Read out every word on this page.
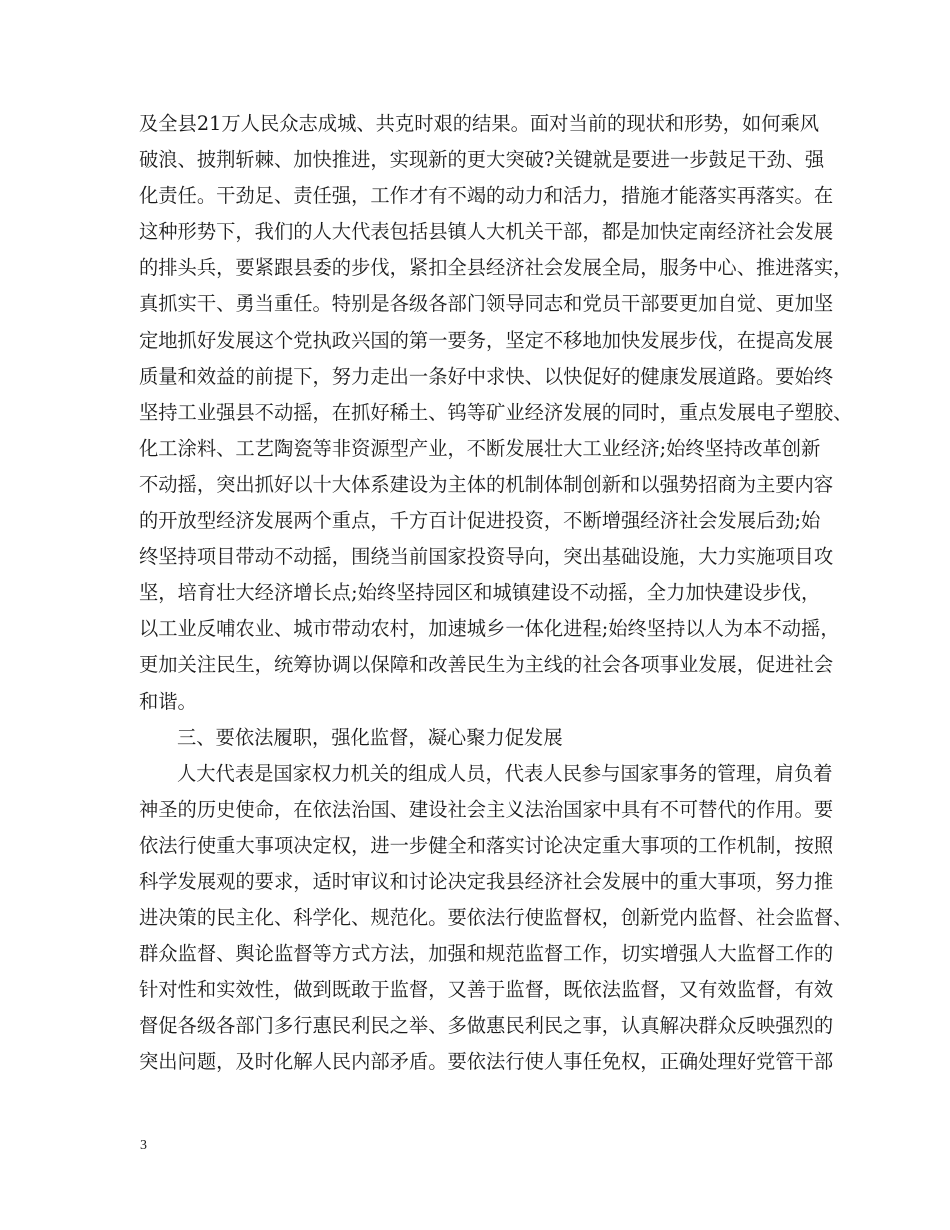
及全县21万人民众志成城、共克时艰的结果。面对当前的现状和形势，如何乘风
破浪、披荆斩棘、加快推进，实现新的更大突破?关键就是要进一步鼓足干劲、强
化责任。干劲足、责任强，工作才有不竭的动力和活力，措施才能落实再落实。在
这种形势下，我们的人大代表包括县镇人大机关干部，都是加快定南经济社会发展
的排头兵，要紧跟县委的步伐，紧扣全县经济社会发展全局，服务中心、推进落实，
真抓实干、勇当重任。特别是各级各部门领导同志和党员干部要更加自觉、更加坚
定地抓好发展这个党执政兴国的第一要务，坚定不移地加快发展步伐，在提高发展
质量和效益的前提下，努力走出一条好中求快、以快促好的健康发展道路。要始终
坚持工业强县不动摇，在抓好稀土、钨等矿业经济发展的同时，重点发展电子塑胶、
化工涂料、工艺陶瓷等非资源型产业，不断发展壮大工业经济;始终坚持改革创新
不动摇，突出抓好以十大体系建设为主体的机制体制创新和以强势招商为主要内容
的开放型经济发展两个重点，千方百计促进投资，不断增强经济社会发展后劲;始
终坚持项目带动不动摇，围绕当前国家投资导向，突出基础设施，大力实施项目攻
坚，培育壮大经济增长点;始终坚持园区和城镇建设不动摇，全力加快建设步伐，
以工业反哺农业、城市带动农村，加速城乡一体化进程;始终坚持以人为本不动摇，
更加关注民生，统筹协调以保障和改善民生为主线的社会各项事业发展，促进社会
和谐。
三、要依法履职，强化监督，凝心聚力促发展
人大代表是国家权力机关的组成人员，代表人民参与国家事务的管理，肩负着
神圣的历史使命，在依法治国、建设社会主义法治国家中具有不可替代的作用。要
依法行使重大事项决定权，进一步健全和落实讨论决定重大事项的工作机制，按照
科学发展观的要求，适时审议和讨论决定我县经济社会发展中的重大事项，努力推
进决策的民主化、科学化、规范化。要依法行使监督权，创新党内监督、社会监督、
群众监督、舆论监督等方式方法，加强和规范监督工作，切实增强人大监督工作的
针对性和实效性，做到既敢于监督，又善于监督，既依法监督，又有效监督，有效
督促各级各部门多行惠民利民之举、多做惠民利民之事，认真解决群众反映强烈的
突出问题，及时化解人民内部矛盾。要依法行使人事任免权，正确处理好党管干部
3
